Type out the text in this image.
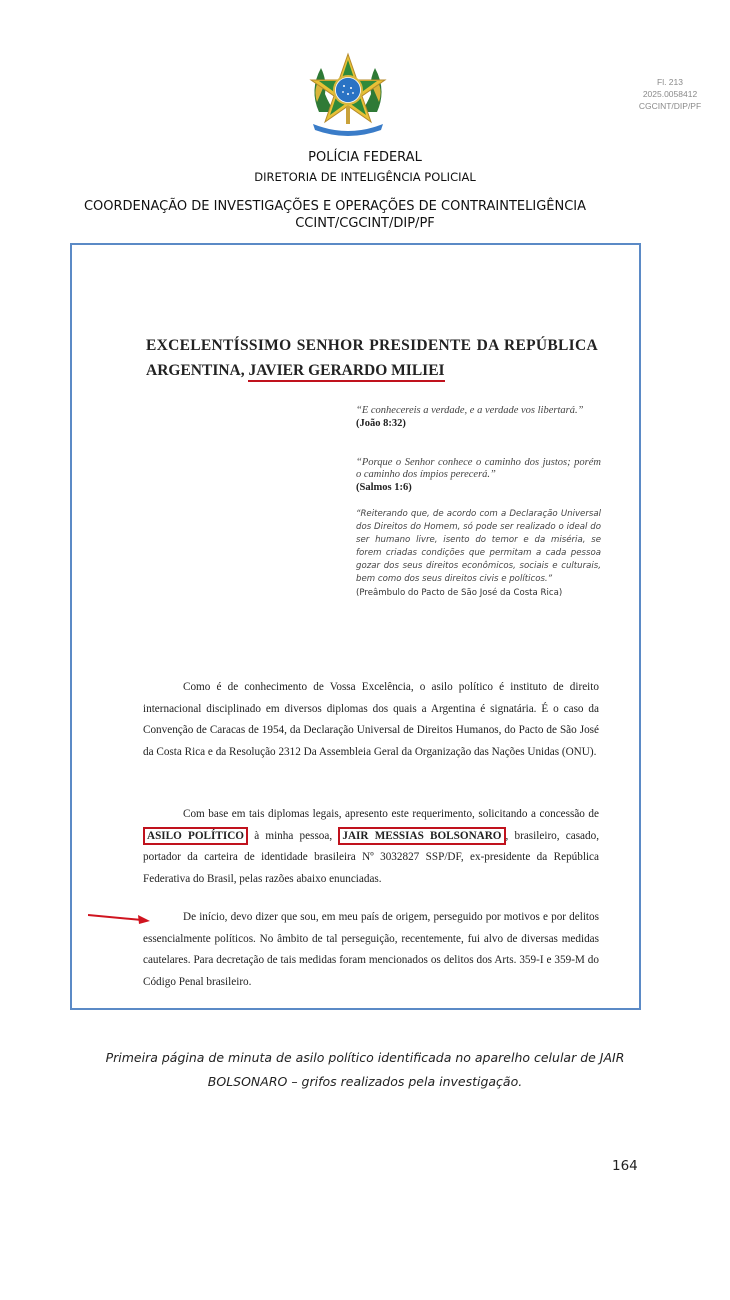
Fl. 213
2025.0058412
CGCINT/DIP/PF
POLÍCIA FEDERAL
DIRETORIA DE INTELIGÊNCIA POLICIAL
COORDENAÇÃO DE INVESTIGAÇÕES E OPERAÇÕES DE CONTRAINTELIGÊNCIA
CCINT/CGCINT/DIP/PF
EXCELENTÍSSIMO SENHOR PRESIDENTE DA REPÚBLICA
ARGENTINA, JAVIER GERARDO MILIEI
“E conhecereis a verdade, e a verdade vos libertará.”
(João 8:32)
“Porque o Senhor conhece o caminho dos justos; porém o caminho dos ímpios perecerá.”
(Salmos 1:6)
“Reiterando que, de acordo com a Declaração Universal dos Direitos do Homem, só pode ser realizado o ideal do ser humano livre, isento do temor e da miséria, se forem criadas condições que permitam a cada pessoa gozar dos seus direitos econômicos, sociais e culturais, bem como dos seus direitos civis e políticos.”
(Preâmbulo do Pacto de São José da Costa Rica)
Como é de conhecimento de Vossa Excelência, o asilo político é instituto de direito internacional disciplinado em diversos diplomas dos quais a Argentina é signatária. É o caso da Convenção de Caracas de 1954, da Declaração Universal de Direitos Humanos, do Pacto de São José da Costa Rica e da Resolução 2312 Da Assembleia Geral da Organização das Nações Unidas (ONU).
Com base em tais diplomas legais, apresento este requerimento, solicitando a concessão de ASILO POLÍTICO à minha pessoa, JAIR MESSIAS BOLSONARO , brasileiro, casado, portador da carteira de identidade brasileira Nº 3032827 SSP/DF, ex-presidente da República Federativa do Brasil, pelas razões abaixo enunciadas.
De início, devo dizer que sou, em meu país de origem, perseguido por motivos e por delitos essencialmente políticos. No âmbito de tal perseguição, recentemente, fui alvo de diversas medidas cautelares. Para decretação de tais medidas foram mencionados os delitos dos Arts. 359-I e 359-M do Código Penal brasileiro.
Primeira página de minuta de asilo político identificada no aparelho celular de JAIR
BOLSONARO – grifos realizados pela investigação.
164
